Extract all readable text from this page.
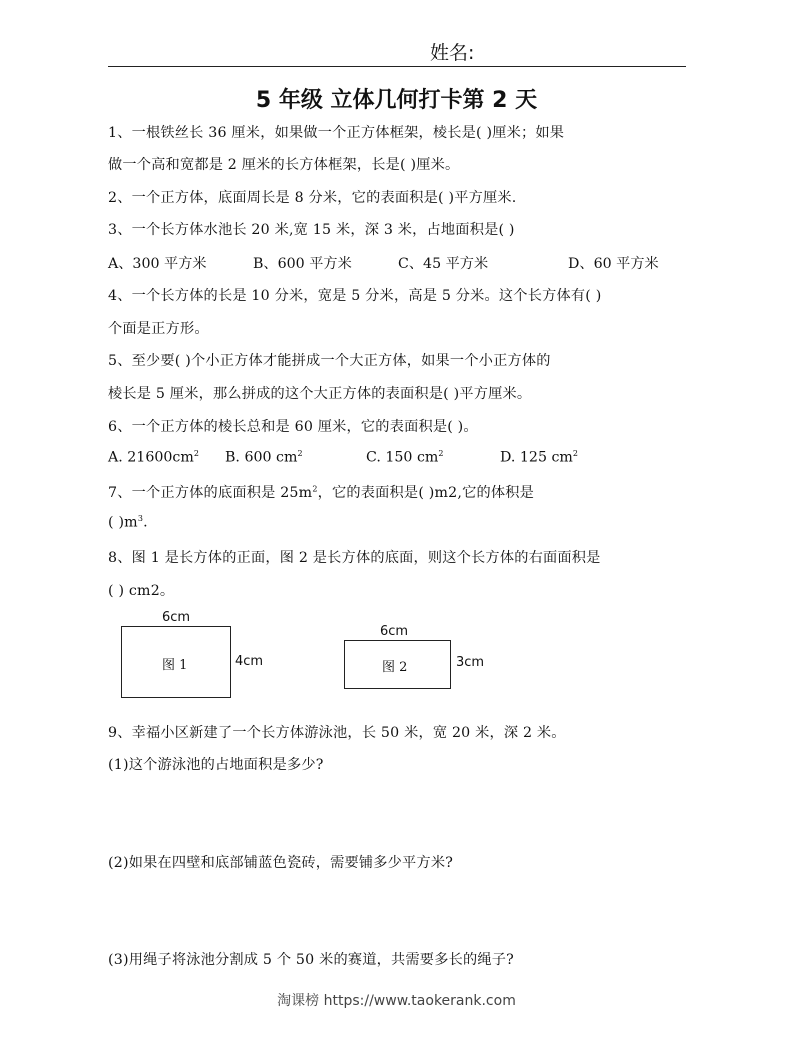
姓名:
5 年级 立体几何打卡第 2 天
1、一根铁丝长 36 厘米，如果做一个正方体框架，棱长是( )厘米；如果
做一个高和宽都是 2 厘米的长方体框架，长是( )厘米。
2、一个正方体，底面周长是 8 分米，它的表面积是( )平方厘米.
3、一个长方体水池长 20 米,宽 15 米，深 3 米，占地面积是( )
A、300 平方米	B、600 平方米	C、45 平方米	D、60 平方米
4、一个长方体的长是 10 分米，宽是 5 分米，高是 5 分米。这个长方体有( )
个面是正方形。
5、至少要( )个小正方体才能拼成一个大正方体，如果一个小正方体的
棱长是 5 厘米，那么拼成的这个大正方体的表面积是( )平方厘米。
6、一个正方体的棱长总和是 60 厘米，它的表面积是( )。
A. $21600cm^2$ B. 600 $cm^2$	C. 150 $cm^2$	D. 125 $cm^2$
7、一个正方体的底面积是 $25m^2$，它的表面积是( )m2,它的体积是
( )$m^3$.
8、图 1 是长方体的正面，图 2 是长方体的底面，则这个长方体的右面面积是
( ) cm2。
6cm
图 1	4cm
6cm
图 2	3cm
9、幸福小区新建了一个长方体游泳池，长 50 米，宽 20 米，深 2 米。
(1)这个游泳池的占地面积是多少?
(2)如果在四壁和底部铺蓝色瓷砖，需要铺多少平方米?
(3)用绳子将泳池分割成 5 个 50 米的赛道，共需要多长的绳子?
淘课榜 https://www.taokerank.com
